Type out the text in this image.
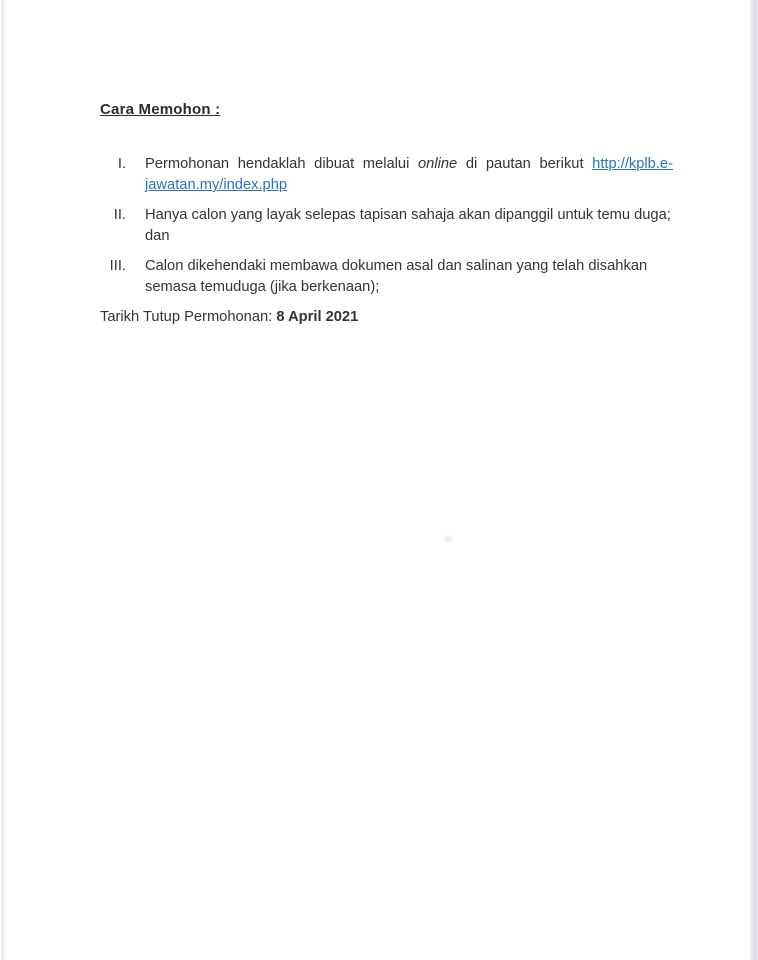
Cara Memohon :
I. Permohonan hendaklah dibuat melalui online di pautan berikut http://kplb.e-jawatan.my/index.php

II. Hanya calon yang layak selepas tapisan sahaja akan dipanggil untuk temu duga; dan

III. Calon dikehendaki membawa dokumen asal dan salinan yang telah disahkan semasa temuduga (jika berkenaan);

Tarikh Tutup Permohonan: 8 April 2021
